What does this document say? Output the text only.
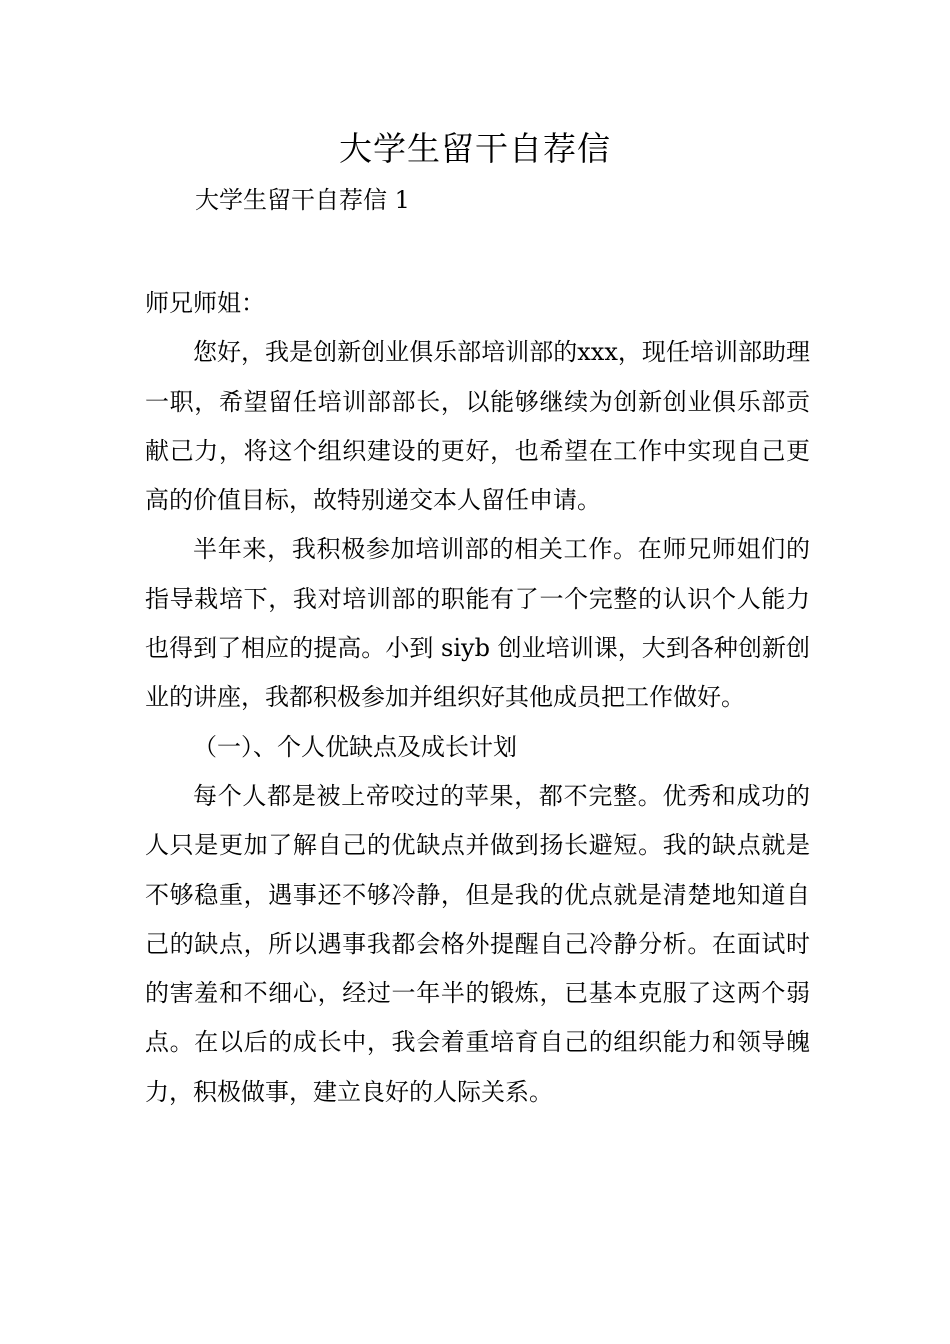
大学生留干自荐信

大学生留干自荐信 1

师兄师姐：

您好，我是创新创业俱乐部培训部的xxx，现任培训部助理一职，希望留任培训部部长，以能够继续为创新创业俱乐部贡献己力，将这个组织建设的更好，也希望在工作中实现自己更高的价值目标，故特别递交本人留任申请。

半年来，我积极参加培训部的相关工作。在师兄师姐们的指导栽培下，我对培训部的职能有了一个完整的认识个人能力也得到了相应的提高。小到 siyb 创业培训课，大到各种创新创业的讲座，我都积极参加并组织好其他成员把工作做好。

（一）、个人优缺点及成长计划

每个人都是被上帝咬过的苹果，都不完整。优秀和成功的人只是更加了解自己的优缺点并做到扬长避短。我的缺点就是不够稳重，遇事还不够冷静，但是我的优点就是清楚地知道自己的缺点，所以遇事我都会格外提醒自己冷静分析。在面试时的害羞和不细心，经过一年半的锻炼，已基本克服了这两个弱点。在以后的成长中，我会着重培育自己的组织能力和领导魄力，积极做事，建立良好的人际关系。
